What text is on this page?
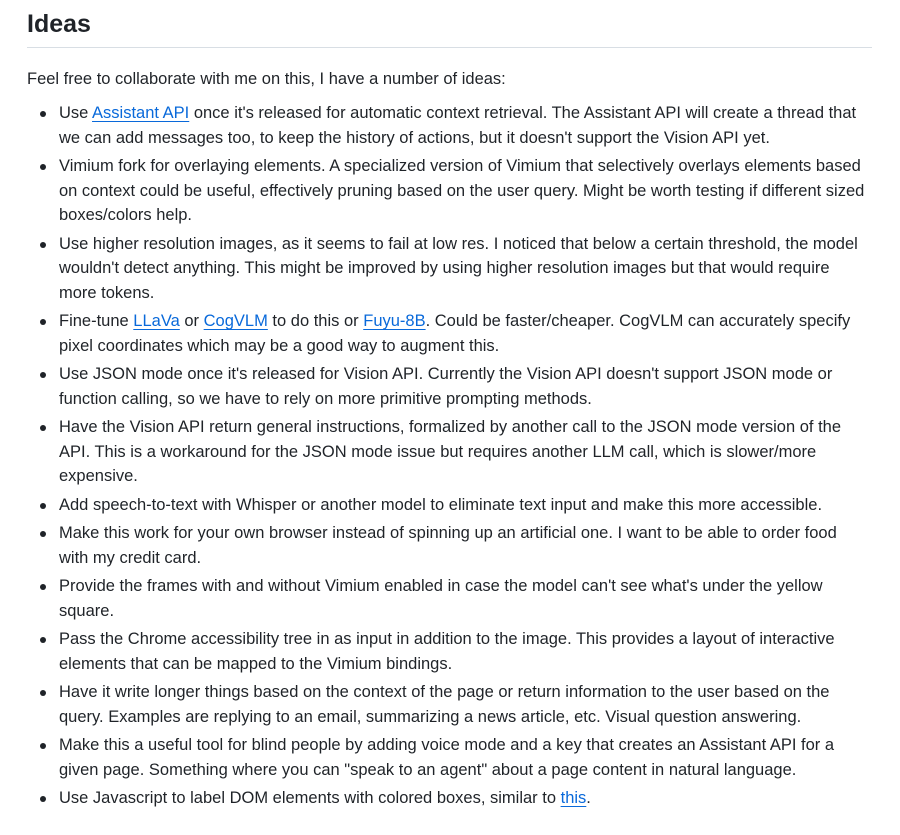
Ideas

Feel free to collaborate with me on this, I have a number of ideas:

Use Assistant API once it's released for automatic context retrieval. The Assistant API will create a thread that we can add messages too, to keep the history of actions, but it doesn't support the Vision API yet.
Vimium fork for overlaying elements. A specialized version of Vimium that selectively overlays elements based on context could be useful, effectively pruning based on the user query. Might be worth testing if different sized boxes/colors help.
Use higher resolution images, as it seems to fail at low res. I noticed that below a certain threshold, the model wouldn't detect anything. This might be improved by using higher resolution images but that would require more tokens.
Fine-tune LLaVa or CogVLM to do this or Fuyu-8B. Could be faster/cheaper. CogVLM can accurately specify pixel coordinates which may be a good way to augment this.
Use JSON mode once it's released for Vision API. Currently the Vision API doesn't support JSON mode or function calling, so we have to rely on more primitive prompting methods.
Have the Vision API return general instructions, formalized by another call to the JSON mode version of the API. This is a workaround for the JSON mode issue but requires another LLM call, which is slower/more expensive.
Add speech-to-text with Whisper or another model to eliminate text input and make this more accessible.
Make this work for your own browser instead of spinning up an artificial one. I want to be able to order food with my credit card.
Provide the frames with and without Vimium enabled in case the model can't see what's under the yellow square.
Pass the Chrome accessibility tree in as input in addition to the image. This provides a layout of interactive elements that can be mapped to the Vimium bindings.
Have it write longer things based on the context of the page or return information to the user based on the query. Examples are replying to an email, summarizing a news article, etc. Visual question answering.
Make this a useful tool for blind people by adding voice mode and a key that creates an Assistant API for a given page. Something where you can "speak to an agent" about a page content in natural language.
Use Javascript to label DOM elements with colored boxes, similar to this.
